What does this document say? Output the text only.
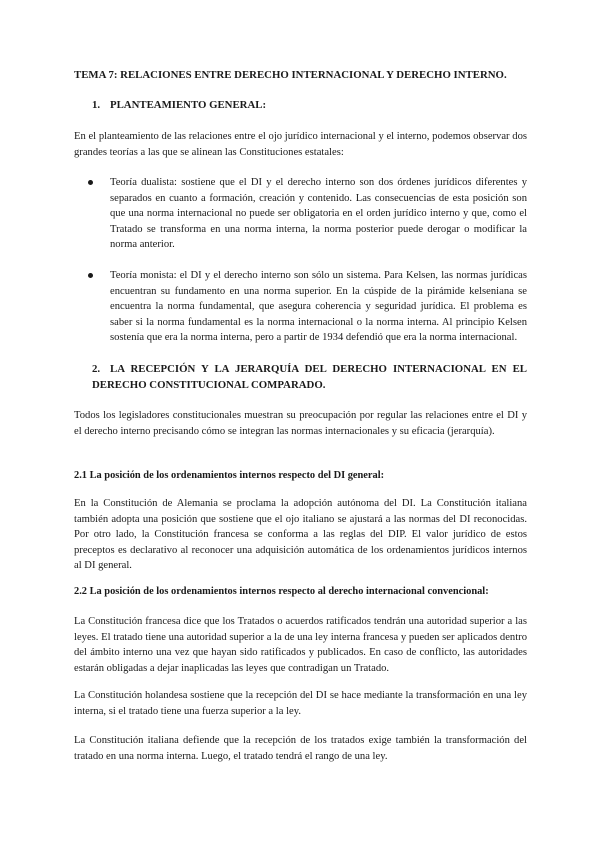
TEMA 7: RELACIONES ENTRE DERECHO INTERNACIONAL Y DERECHO INTERNO.

1. PLANTEAMIENTO GENERAL:

En el planteamiento de las relaciones entre el ojo jurídico internacional y el interno, podemos observar dos grandes teorías a las que se alinean las Constituciones estatales:

Teoría dualista: sostiene que el DI y el derecho interno son dos órdenes jurídicos diferentes y separados en cuanto a formación, creación y contenido. Las consecuencias de esta posición son que una norma internacional no puede ser obligatoria en el orden jurídico interno y que, como el Tratado se transforma en una norma interna, la norma posterior puede derogar o modificar la norma anterior.
Teoría monista: el DI y el derecho interno son sólo un sistema. Para Kelsen, las normas jurídicas encuentran su fundamento en una norma superior. En la cúspide de la pirámide kelseniana se encuentra la norma fundamental, que asegura coherencia y seguridad jurídica. El problema es saber si la norma fundamental es la norma internacional o la norma interna. Al principio Kelsen sostenía que era la norma interna, pero a partir de 1934 defendió que era la norma internacional.

2. LA RECEPCIÓN Y LA JERARQUÍA DEL DERECHO INTERNACIONAL EN EL DERECHO CONSTITUCIONAL COMPARADO.

Todos los legisladores constitucionales muestran su preocupación por regular las relaciones entre el DI y el derecho interno precisando cómo se integran las normas internacionales y su eficacia (jerarquía).

2.1 La posición de los ordenamientos internos respecto del DI general:

En la Constitución de Alemania se proclama la adopción autónoma del DI. La Constitución italiana también adopta una posición que sostiene que el ojo italiano se ajustará a las normas del DI reconocidas. Por otro lado, la Constitución francesa se conforma a las reglas del DIP. El valor jurídico de estos preceptos es declarativo al reconocer una adquisición automática de los ordenamientos jurídicos internos al DI general.

2.2 La posición de los ordenamientos internos respecto al derecho internacional convencional:

La Constitución francesa dice que los Tratados o acuerdos ratificados tendrán una autoridad superior a las leyes. El tratado tiene una autoridad superior a la de una ley interna francesa y pueden ser aplicados dentro del ámbito interno una vez que hayan sido ratificados y publicados. En caso de conflicto, las autoridades estarán obligadas a dejar inaplicadas las leyes que contradigan un Tratado.

La Constitución holandesa sostiene que la recepción del DI se hace mediante la transformación en una ley interna, si el tratado tiene una fuerza superior a la ley.

La Constitución italiana defiende que la recepción de los tratados exige también la transformación del tratado en una norma interna. Luego, el tratado tendrá el rango de una ley.
